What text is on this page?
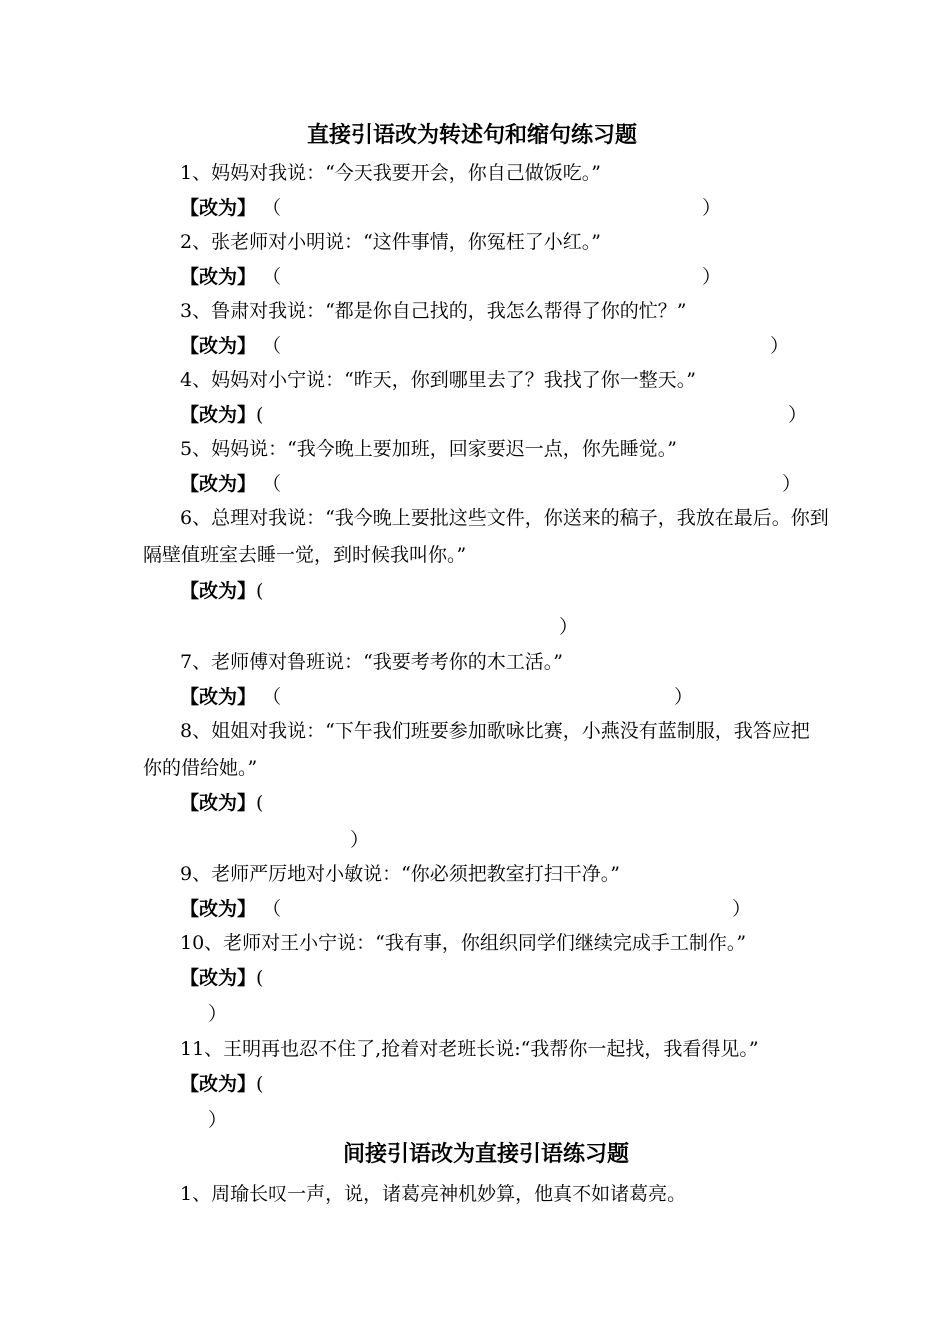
直接引语改为转述句和缩句练习题
1、妈妈对我说：“今天我要开会，你自己做饭吃。”
【改为】 （	）
2、张老师对小明说：“这件事情，你冤枉了小红。”
【改为】 （	）
3、鲁肃对我说：“都是你自己找的，我怎么帮得了你的忙？”
【改为】 （	）
4、妈妈对小宁说：“昨天，你到哪里去了？我找了你一整天。”
【改为】(	）
5、妈妈说：“我今晚上要加班，回家要迟一点，你先睡觉。”
【改为】 （	）
6、总理对我说：“我今晚上要批这些文件，你送来的稿子，我放在最后。你到
隔壁值班室去睡一觉，到时候我叫你。”
【改为】(
）
7、老师傅对鲁班说：“我要考考你的木工活。”
【改为】 （	）
8、姐姐对我说：“下午我们班要参加歌咏比赛，小燕没有蓝制服，我答应把
你的借给她。”
【改为】(
）
9、老师严厉地对小敏说：“你必须把教室打扫干净。”
【改为】 （	）
10、老师对王小宁说：“我有事，你组织同学们继续完成手工制作。”
【改为】(
）
11、王明再也忍不住了,抢着对老班长说:“我帮你一起找，我看得见。”
【改为】(
）
间接引语改为直接引语练习题
1、周瑜长叹一声，说，诸葛亮神机妙算，他真不如诸葛亮。
